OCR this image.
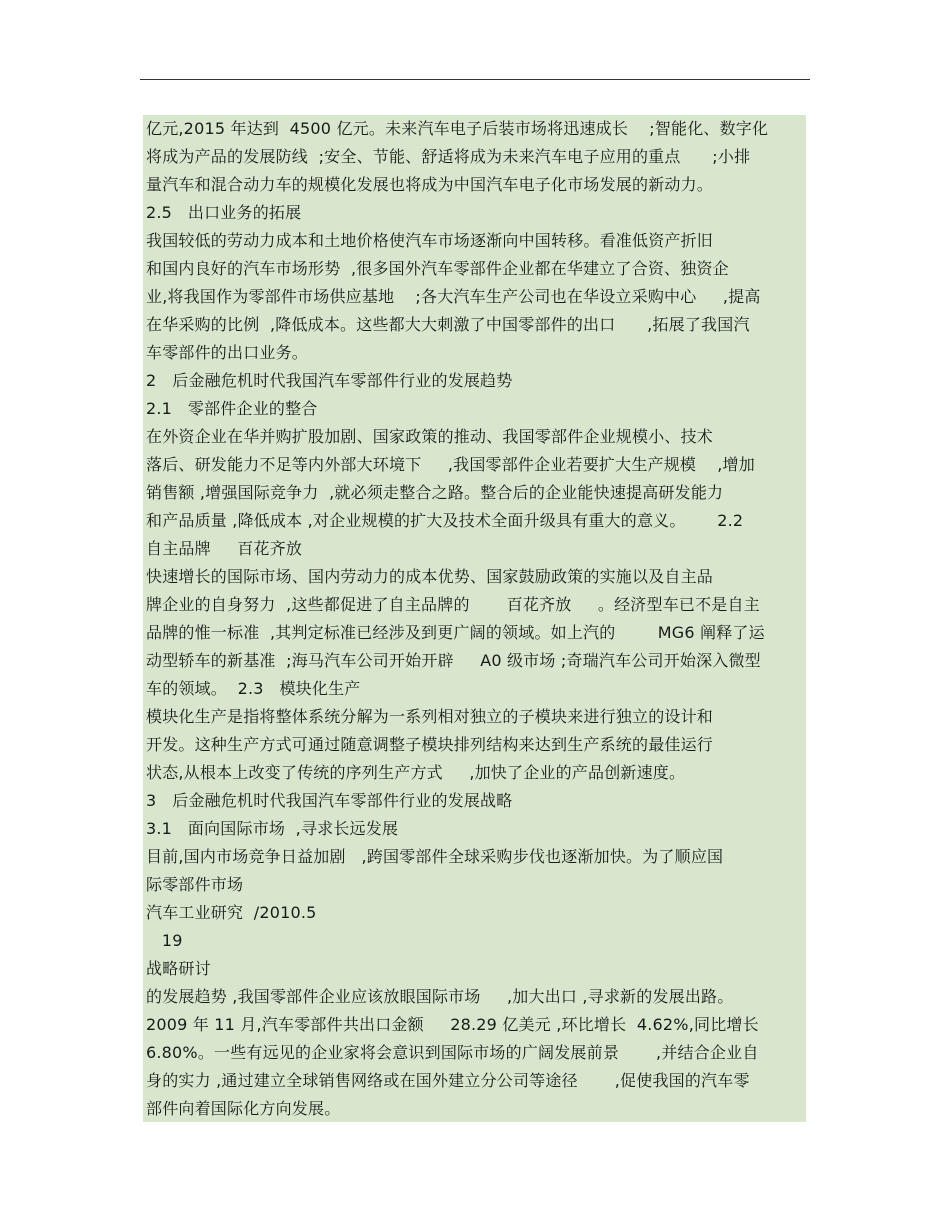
亿元,2015 年达到  4500 亿元。未来汽车电子后装市场将迅速成长    ;智能化、数字化
将成为产品的发展防线  ;安全、节能、舒适将成为未来汽车电子应用的重点      ;小排
量汽车和混合动力车的规模化发展也将成为中国汽车电子化市场发展的新动力。
2.5   出口业务的拓展
我国较低的劳动力成本和土地价格使汽车市场逐渐向中国转移。看准低资产折旧
和国内良好的汽车市场形势  ,很多国外汽车零部件企业都在华建立了合资、独资企
业,将我国作为零部件市场供应基地    ;各大汽车生产公司也在华设立采购中心     ,提高
在华采购的比例  ,降低成本。这些都大大刺激了中国零部件的出口      ,拓展了我国汽
车零部件的出口业务。
2   后金融危机时代我国汽车零部件行业的发展趋势
2.1   零部件企业的整合
在外资企业在华并购扩股加剧、国家政策的推动、我国零部件企业规模小、技术
落后、研发能力不足等内外部大环境下     ,我国零部件企业若要扩大生产规模    ,增加
销售额 ,增强国际竞争力  ,就必须走整合之路。整合后的企业能快速提高研发能力
和产品质量 ,降低成本 ,对企业规模的扩大及技术全面升级具有重大的意义。      2.2
自主品牌     百花齐放
快速增长的国际市场、国内劳动力的成本优势、国家鼓励政策的实施以及自主品
牌企业的自身努力  ,这些都促进了自主品牌的       百花齐放     。经济型车已不是自主
品牌的惟一标准  ,其判定标准已经涉及到更广阔的领域。如上汽的        MG6 阐释了运
动型轿车的新基准  ;海马汽车公司开始开辟     A0 级市场 ;奇瑞汽车公司开始深入微型
车的领域。  2.3   模块化生产
模块化生产是指将整体系统分解为一系列相对独立的子模块来进行独立的设计和
开发。这种生产方式可通过随意调整子模块排列结构来达到生产系统的最佳运行
状态,从根本上改变了传统的序列生产方式     ,加快了企业的产品创新速度。
3   后金融危机时代我国汽车零部件行业的发展战略
3.1   面向国际市场  ,寻求长远发展
目前,国内市场竞争日益加剧   ,跨国零部件全球采购步伐也逐渐加快。为了顺应国
际零部件市场
汽车工业研究  /2010.5
19
战略研讨
的发展趋势 ,我国零部件企业应该放眼国际市场     ,加大出口 ,寻求新的发展出路。
2009 年 11 月,汽车零部件共出口金额     28.29 亿美元 ,环比增长  4.62%,同比增长
6.80%。一些有远见的企业家将会意识到国际市场的广阔发展前景       ,并结合企业自
身的实力 ,通过建立全球销售网络或在国外建立分公司等途径       ,促使我国的汽车零
部件向着国际化方向发展。
